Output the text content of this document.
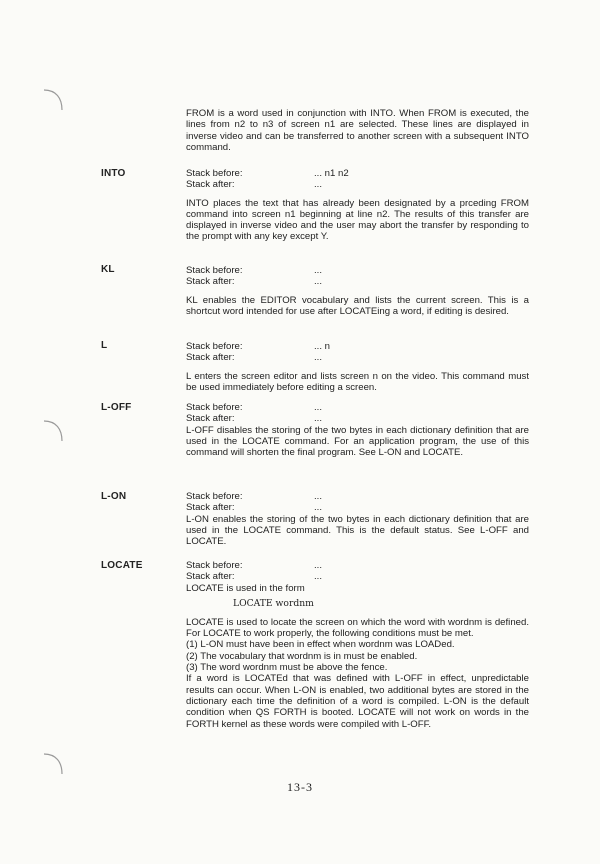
FROM is a word used in conjunction with INTO. When FROM is executed, the lines from n2 to n3 of screen n1 are selected. These lines are displayed in inverse video and can be transferred to another screen with a subsequent INTO command.

INTO	Stack before:	... n1 n2
Stack after:	...

INTO places the text that has already been designated by a prceding FROM command into screen n1 beginning at line n2. The results of this transfer are displayed in inverse video and the user may abort the transfer by responding to the prompt with any key except Y.

KL	Stack before:	...
Stack after:	...

KL enables the EDITOR vocabulary and lists the current screen. This is a shortcut word intended for use after LOCATEing a word, if editing is desired.

L	Stack before:	... n
Stack after:	...

L enters the screen editor and lists screen n on the video. This command must be used immediately before editing a screen.

L-OFF	Stack before:	...
Stack after:	...

L-OFF disables the storing of the two bytes in each dictionary definition that are used in the LOCATE command. For an application program, the use of this command will shorten the final program. See L-ON and LOCATE.

L-ON	Stack before:	...
Stack after:	...

L-ON enables the storing of the two bytes in each dictionary definition that are used in the LOCATE command. This is the default status. See L-OFF and LOCATE.

LOCATE	Stack before:	...
Stack after:	...

LOCATE is used in the form

LOCATE wordnm

LOCATE is used to locate the screen on which the word with wordnm is defined. For LOCATE to work properly, the following conditions must be met.

(1) L-ON must have been in effect when wordnm was LOADed.

(2) The vocabulary that wordnm is in must be enabled.

(3) The word wordnm must be above the fence.

If a word is LOCATEd that was defined with L-OFF in effect, unpredictable results can occur. When L-ON is enabled, two additional bytes are stored in the dictionary each time the definition of a word is compiled. L-ON is the default condition when QS FORTH is booted. LOCATE will not work on words in the FORTH kernel as these words were compiled with L-OFF.

13-3
